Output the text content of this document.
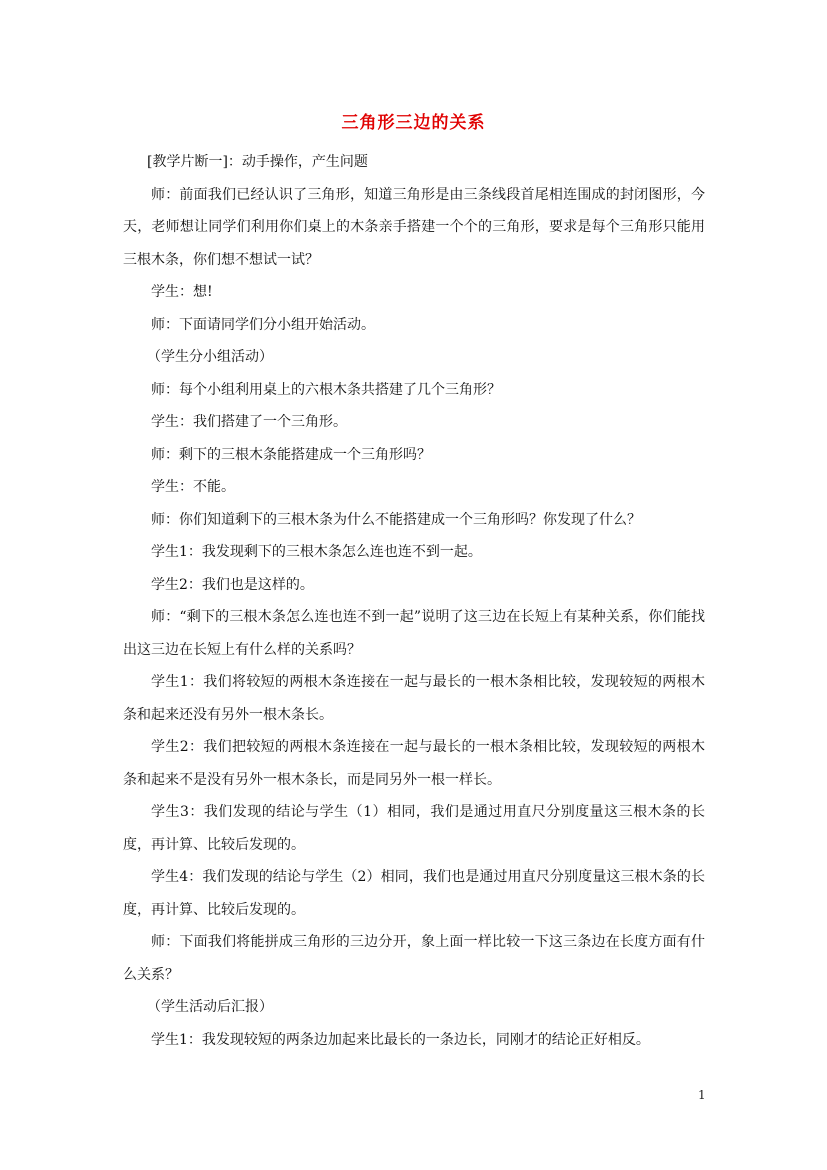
三角形三边的关系

[教学片断一]：动手操作，产生问题

师：前面我们已经认识了三角形，知道三角形是由三条线段首尾相连围成的封闭图形，今天，老师想让同学们利用你们桌上的木条亲手搭建一个个的三角形，要求是每个三角形只能用三根木条，你们想不想试一试？

学生：想!

师：下面请同学们分小组开始活动。

（学生分小组活动）

师：每个小组利用桌上的六根木条共搭建了几个三角形？

学生：我们搭建了一个三角形。

师：剩下的三根木条能搭建成一个三角形吗？

学生：不能。

师：你们知道剩下的三根木条为什么不能搭建成一个三角形吗？你发现了什么？

学生1：我发现剩下的三根木条怎么连也连不到一起。

学生2：我们也是这样的。

师：“剩下的三根木条怎么连也连不到一起”说明了这三边在长短上有某种关系，你们能找出这三边在长短上有什么样的关系吗？

学生1：我们将较短的两根木条连接在一起与最长的一根木条相比较，发现较短的两根木条和起来还没有另外一根木条长。

学生2：我们把较短的两根木条连接在一起与最长的一根木条相比较，发现较短的两根木条和起来不是没有另外一根木条长，而是同另外一根一样长。

学生3：我们发现的结论与学生（1）相同，我们是通过用直尺分别度量这三根木条的长度，再计算、比较后发现的。

学生4：我们发现的结论与学生（2）相同，我们也是通过用直尺分别度量这三根木条的长度，再计算、比较后发现的。

师：下面我们将能拼成三角形的三边分开，象上面一样比较一下这三条边在长度方面有什么关系？

（学生活动后汇报）

学生1：我发现较短的两条边加起来比最长的一条边长，同刚才的结论正好相反。

1
